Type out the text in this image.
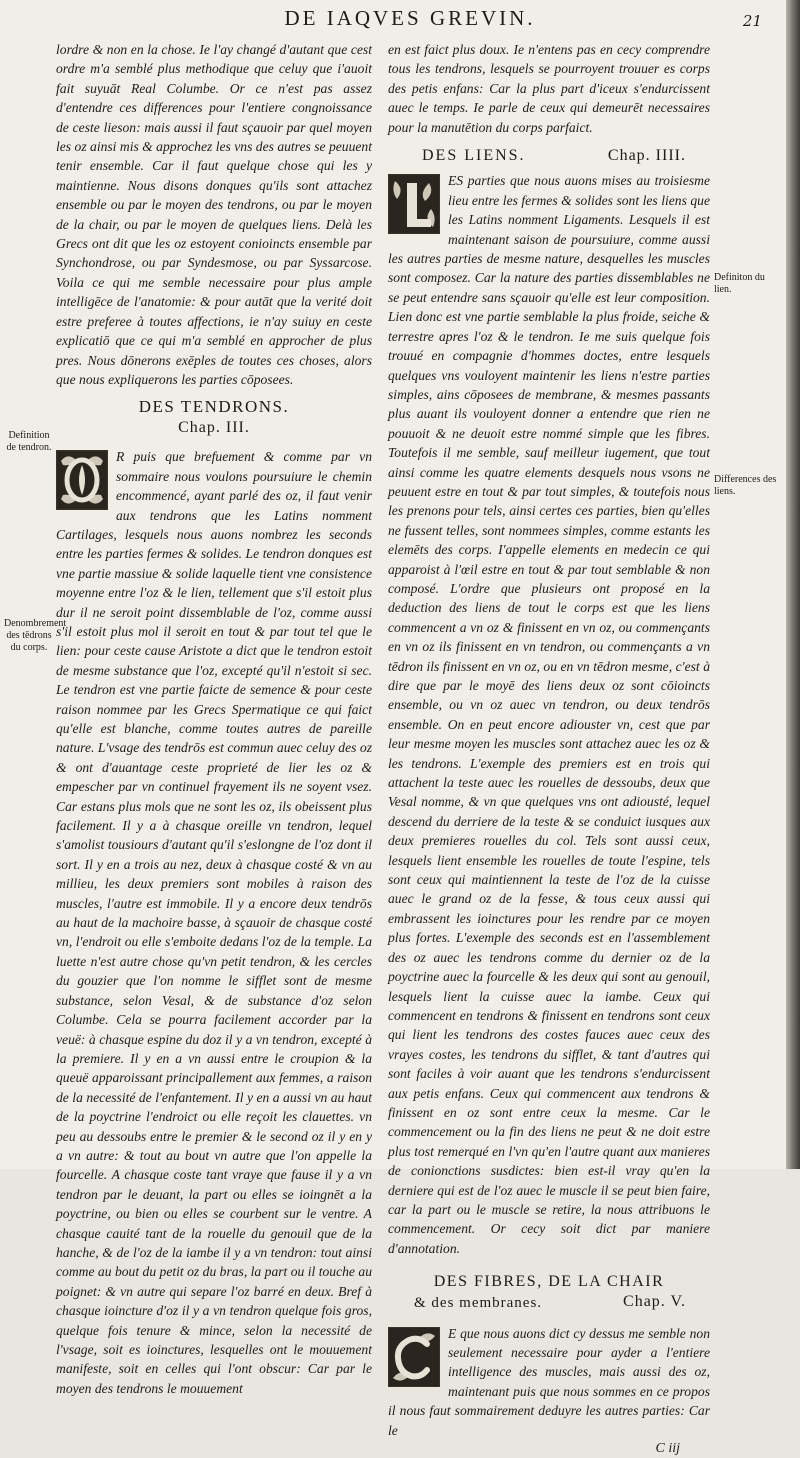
DE IAQVES GREVIN.	21

lordre & non en la chose. Ie l'ay changé d'autant que cest ordre m'a semblé plus methodique que celuy que i'auoit fait suyuāt Real Columbe. Or ce n'est pas assez d'entendre ces differences pour l'entiere congnoissance de ceste lieson: mais aussi il faut sçauoir par quel moyen les oz ainsi mis & approchez les vns des autres se peuuent tenir ensemble. Car il faut quelque chose qui les y maintienne. Nous disons donques qu'ils sont attachez ensemble ou par le moyen des tendrons, ou par le moyen de la chair, ou par le moyen de quelques liens. Delà les Grecs ont dit que les oz estoyent conioincts ensemble par Synchondrose, ou par Syndesmose, ou par Syssarcose. Voila ce qui me semble necessaire pour plus ample intelligēce de l'anatomie: & pour autāt que la verité doit estre preferee à toutes affections, ie n'ay suiuy en ceste explicatiō que ce qui m'a semblé en approcher de plus pres. Nous dōnerons exēples de toutes ces choses, alors que nous expliquerons les parties cōposees.

DES TENDRONS.
Chap. III.

R puis que brefuement & comme par vn sommaire nous voulons poursuiure le chemin encommencé, ayant parlé des oz, il faut venir aux tendrons que les Latins nomment Cartilages, lesquels nous auons nombrez les seconds entre les parties fermes & solides. Le tendron donques est vne partie massiue & solide laquelle tient vne consistence moyenne entre l'oz & le lien, tellement que s'il estoit plus dur il ne seroit point dissemblable de l'oz, comme aussi s'il estoit plus mol il seroit en tout & par tout tel que le lien: pour ceste cause Aristote a dict que le tendron estoit de mesme substance que l'oz, excepté qu'il n'estoit si sec. Le tendron est vne partie faicte de semence & pour ceste raison nommee par les Grecs Spermatique ce qui faict qu'elle est blanche, comme toutes autres de pareille nature. L'vsage des tendrōs est commun auec celuy des oz & ont d'auantage ceste proprieté de lier les oz & empescher par vn continuel frayement ils ne soyent vsez. Car estans plus mols que ne sont les oz, ils obeissent plus facilement. Il y a à chasque oreille vn tendron, lequel s'amolist tousiours d'autant qu'il s'eslongne de l'oz dont il sort. Il y en a trois au nez, deux à chasque costé & vn au millieu, les deux premiers sont mobiles à raison des muscles, l'autre est immobile. Il y a encore deux tendrōs au haut de la machoire basse, à sçauoir de chasque costé vn, l'endroit ou elle s'emboite dedans l'oz de la temple. La luette n'est autre chose qu'vn petit tendron, & les cercles du gouzier que l'on nomme le sifflet sont de mesme substance, selon Vesal, & de substance d'oz selon Columbe. Cela se pourra facilement accorder par la veuë: à chasque espine du doz il y a vn tendron, excepté à la premiere. Il y en a vn aussi entre le croupion & la queuë apparoissant principallement aux femmes, a raison de la necessité de l'enfantement. Il y en a aussi vn au haut de la poyctrine l'endroict ou elle reçoit les clauettes. vn peu au dessoubs entre le premier & le second oz il y en y a vn autre: & tout au bout vn autre que l'on appelle la fourcelle. A chasque coste tant vraye que fause il y a vn tendron par le deuant, la part ou elles se ioingnēt a la poyctrine, ou bien ou elles se courbent sur le ventre. A chasque cauité tant de la rouelle du genouil que de la hanche, & de l'oz de la iambe il y a vn tendron: tout ainsi comme au bout du petit oz du bras, la part ou il touche au poignet: & vn autre qui separe l'oz barré en deux. Bref à chasque ioincture d'oz il y a vn tendron quelque fois gros, quelque fois tenure & mince, selon la necessité de l'vsage, soit es ioinctures, lesquelles ont le mouuement manifeste, soit en celles qui l'ont obscur: Car par le moyen des tendrons le mouuement

en est faict plus doux. Ie n'entens pas en cecy comprendre tous les tendrons, lesquels se pourroyent trouuer es corps des petis enfans: Car la plus part d'iceux s'endurcissent auec le temps. Ie parle de ceux qui demeurēt necessaires pour la manutētion du corps parfaict.

DES LIENS.	Chap. IIII.

ES parties que nous auons mises au troisiesme lieu entre les fermes & solides sont les liens que les Latins nomment Ligaments. Lesquels il est maintenant saison de poursuiure, comme aussi les autres parties de mesme nature, desquelles les muscles sont composez. Car la nature des parties dissemblables ne se peut entendre sans sçauoir qu'elle est leur composition. Lien donc est vne partie semblable la plus froide, seiche & terrestre apres l'oz & le tendron. Ie me suis quelque fois trouué en compagnie d'hommes doctes, entre lesquels quelques vns vouloyent maintenir les liens n'estre parties simples, ains cōposees de membrane, & mesmes passants plus auant ils vouloyent donner a entendre que rien ne pouuoit & ne deuoit estre nommé simple que les fibres. Toutefois il me semble, sauf meilleur iugement, que tout ainsi comme les quatre elements desquels nous vsons ne peuuent estre en tout & par tout simples, & toutefois nous les prenons pour tels, ainsi certes ces parties, bien qu'elles ne fussent telles, sont nommees simples, comme estants les elemēts des corps. I'appelle elements en medecin ce qui apparoist à l'œil estre en tout & par tout semblable & non composé. L'ordre que plusieurs ont proposé en la deduction des liens de tout le corps est que les liens commencent a vn oz & finissent en vn oz, ou commençants en vn oz ils finissent en vn tendron, ou commençants a vn tēdron ils finissent en vn oz, ou en vn tēdron mesme, c'est à dire que par le moyē des liens deux oz sont cōioincts ensemble, ou vn oz auec vn tendron, ou deux tendrōs ensemble. On en peut encore adiouster vn, cest que par leur mesme moyen les muscles sont attachez auec les oz & les tendrons. L'exemple des premiers est en trois qui attachent la teste auec les rouelles de dessoubs, deux que Vesal nomme, & vn que quelques vns ont adiousté, lequel descend du derriere de la teste & se conduict iusques aux deux premieres rouelles du col. Tels sont aussi ceux, lesquels lient ensemble les rouelles de toute l'espine, tels sont ceux qui maintiennent la teste de l'oz de la cuisse auec le grand oz de la fesse, & tous ceux aussi qui embrassent les ioinctures pour les rendre par ce moyen plus fortes. L'exemple des seconds est en l'assemblement des oz auec les tendrons comme du dernier oz de la poyctrine auec la fourcelle & les deux qui sont au genouil, lesquels lient la cuisse auec la iambe. Ceux qui commencent en tendrons & finissent en tendrons sont ceux qui lient les tendrons des costes fauces auec ceux des vrayes costes, les tendrons du sifflet, & tant d'autres qui sont faciles à voir auant que les tendrons s'endurcissent aux petis enfans. Ceux qui commencent aux tendrons & finissent en oz sont entre ceux la mesme. Car le commencement ou la fin des liens ne peut & ne doit estre plus tost remerqué en l'vn qu'en l'autre quant aux manieres de conionctions susdictes: bien est-il vray qu'en la derniere qui est de l'oz auec le muscle il se peut bien faire, car la part ou le muscle se retire, la nous attribuons le commencement. Or cecy soit dict par maniere d'annotation.

DES FIBRES, DE LA CHAIR
& des membranes.	Chap. V.

E que nous auons dict cy dessus me semble non seulement necessaire pour ayder a l'entiere intelligence des muscles, mais aussi des oz, maintenant puis que nous sommes en ce propos il nous faut sommairement deduyre les autres parties: Car le

C iij
Definition de tendron.
Denombrement des tēdrons du corps.
Definiton du lien.
Differences des liens.
